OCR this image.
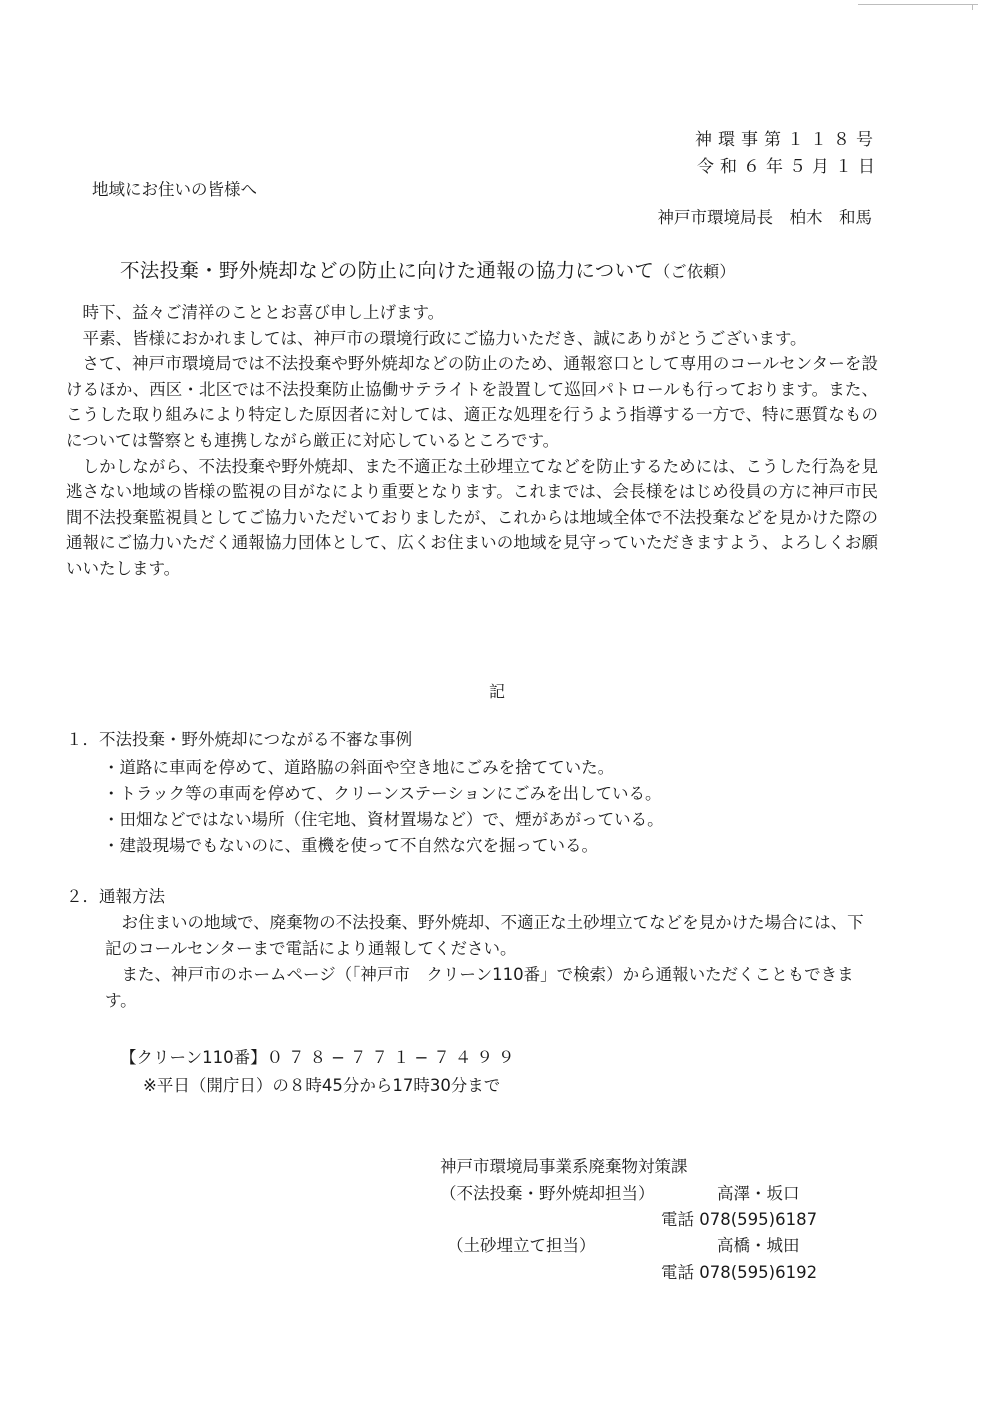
神環事第１１８号
令和６年５月１日
地域にお住いの皆様へ
神戸市環境局長　柏木　和馬
不法投棄・野外焼却などの防止に向けた通報の協力について（ご依頼）

時下、益々ご清祥のこととお喜び申し上げます。

平素、皆様におかれましては、神戸市の環境行政にご協力いただき、誠にありがとうございます。

さて、神戸市環境局では不法投棄や野外焼却などの防止のため、通報窓口として専用のコールセンターを設けるほか、西区・北区では不法投棄防止協働サテライトを設置して巡回パトロールも行っております。また、こうした取り組みにより特定した原因者に対しては、適正な処理を行うよう指導する一方で、特に悪質なものについては警察とも連携しながら厳正に対応しているところです。

しかしながら、不法投棄や野外焼却、また不適正な土砂埋立てなどを防止するためには、こうした行為を見逃さない地域の皆様の監視の目がなにより重要となります。これまでは、会長様をはじめ役員の方に神戸市民間不法投棄監視員としてご協力いただいておりましたが、これからは地域全体で不法投棄などを見かけた際の通報にご協力いただく通報協力団体として、広くお住まいの地域を見守っていただきますよう、よろしくお願いいたします。

記
１．不法投棄・野外焼却につながる不審な事例
・道路に車両を停めて、道路脇の斜面や空き地にごみを捨てていた。
・トラック等の車両を停めて、クリーンステーションにごみを出している。
・田畑などではない場所（住宅地、資材置場など）で、煙があがっている。
・建設現場でもないのに、重機を使って不自然な穴を掘っている。
２．通報方法

お住まいの地域で、廃棄物の不法投棄、野外焼却、不適正な土砂埋立てなどを見かけた場合には、下記のコールセンターまで電話により通報してください。

また、神戸市のホームページ（「神戸市　クリーン110番」で検索）から通報いただくこともできます。

【クリーン110番】０７８−７７１−７４９９
※平日（開庁日）の８時45分から17時30分まで
神戸市環境局事業系廃棄物対策課
（不法投棄・野外焼却担当）	高澤・坂口
電話 078(595)6187
（土砂埋立て担当）	高橋・城田
電話 078(595)6192
